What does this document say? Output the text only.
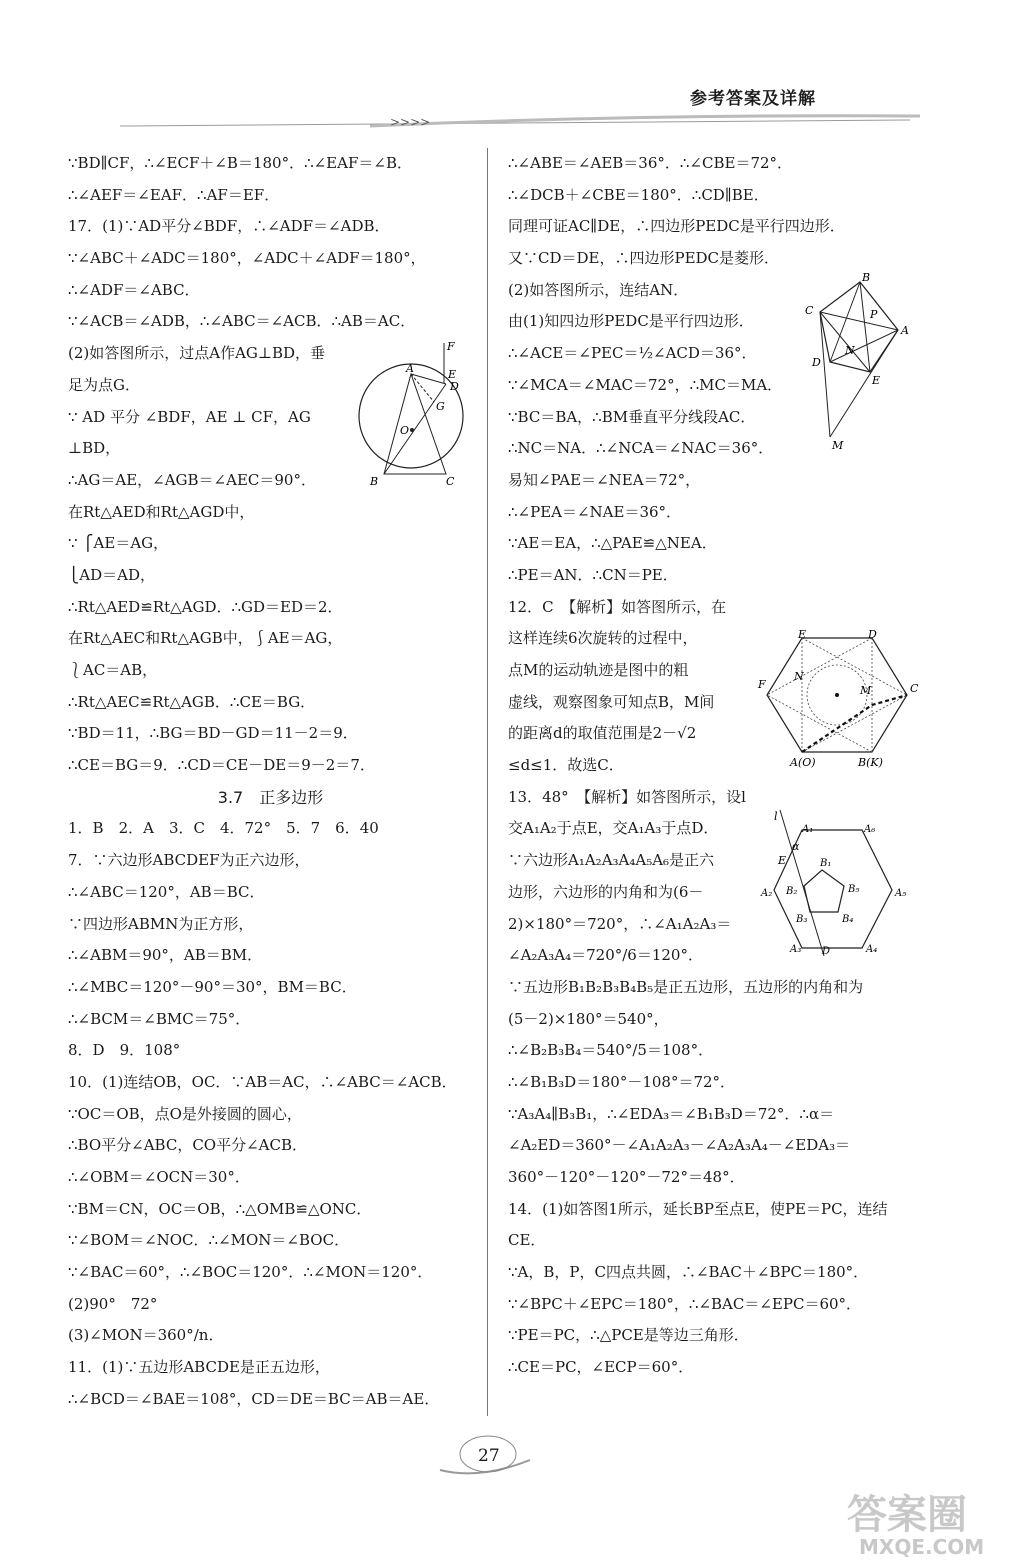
参考答案及详解
>>>>
∵BD∥CF，∴∠ECF＋∠B＝180°．∴∠EAF＝∠B．
∴∠AEF＝∠EAF．∴AF＝EF．
17．(1)∵AD平分∠BDF，∴∠ADF＝∠ADB．
∵∠ABC＋∠ADC＝180°，∠ADC＋∠ADF＝180°，
∴∠ADF＝∠ABC．
∵∠ACB＝∠ADB，∴∠ABC＝∠ACB．∴AB＝AC．
(2)如答图所示，过点A作AG⊥BD，垂
足为点G．
∵ AD 平分 ∠BDF，AE ⊥ CF，AG
⊥BD，
∴AG＝AE，∠AGB＝∠AEC＝90°．
在Rt△AED和Rt△AGD中，
∵ ⎧AE＝AG，
⎩AD＝AD，
∴Rt△AED≌Rt△AGD．∴GD＝ED＝2．
在Rt△AEC和Rt△AGB中，⎰AE＝AG，
⎱AC＝AB，
∴Rt△AEC≌Rt△AGB．∴CE＝BG．
∵BD＝11，∴BG＝BD－GD＝11－2＝9．
∴CE＝BG＝9．∴CD＝CE－DE＝9－2＝7．
3.7　正多边形
1．B　2．A　3．C　4．72°　5．7　6．40
7．∵六边形ABCDEF为正六边形，
∴∠ABC＝120°，AB＝BC．
∵四边形ABMN为正方形，
∴∠ABM＝90°，AB＝BM．
∴∠MBC＝120°－90°＝30°，BM＝BC．
∴∠BCM＝∠BMC＝75°．
8．D　9．108°
10．(1)连结OB，OC．∵AB＝AC，∴∠ABC＝∠ACB．
∵OC＝OB，点O是外接圆的圆心，
∴BO平分∠ABC，CO平分∠ACB．
∴∠OBM＝∠OCN＝30°．
∵BM＝CN，OC＝OB，∴△OMB≌△ONC．
∵∠BOM＝∠NOC．∴∠MON＝∠BOC．
∵∠BAC＝60°，∴∠BOC＝120°．∴∠MON＝120°．
(2)90°　72°
(3)∠MON＝360°/n．
11．(1)∵五边形ABCDE是正五边形，
∴∠BCD＝∠BAE＝108°，CD＝DE＝BC＝AB＝AE．
∴∠ABE＝∠AEB＝36°．∴∠CBE＝72°．
∴∠DCB＋∠CBE＝180°．∴CD∥BE．
同理可证AC∥DE，∴四边形PEDC是平行四边形．
又∵CD＝DE，∴四边形PEDC是菱形．
(2)如答图所示，连结AN．
由(1)知四边形PEDC是平行四边形．
∴∠ACE＝∠PEC＝½∠ACD＝36°．
∵∠MCA＝∠MAC＝72°，∴MC＝MA．
∵BC＝BA，∴BM垂直平分线段AC．
∴NC＝NA．∴∠NCA＝∠NAC＝36°．
易知∠PAE＝∠NEA＝72°，
∴∠PEA＝∠NAE＝36°．
∵AE＝EA，∴△PAE≌△NEA．
∴PE＝AN．∴CN＝PE．
12．C　【解析】如答图所示，在
这样连续6次旋转的过程中，
点M的运动轨迹是图中的粗
虚线，观察图象可知点B，M间
的距离d的取值范围是2－√2
≤d≤1．故选C．
13．48°　【解析】如答图所示，设l
交A₁A₂于点E，交A₁A₃于点D．
∵六边形A₁A₂A₃A₄A₅A₆是正六
边形，六边形的内角和为(6－
2)×180°＝720°，∴∠A₁A₂A₃＝
∠A₂A₃A₄＝720°/6＝120°．
∵五边形B₁B₂B₃B₄B₅是正五边形，五边形的内角和为
(5－2)×180°＝540°，
∴∠B₂B₃B₄＝540°/5＝108°．
∴∠B₁B₃D＝180°－108°＝72°．
∵A₃A₄∥B₃B₁，∴∠EDA₃＝∠B₁B₃D＝72°．∴α＝
∠A₂ED＝360°－∠A₁A₂A₃－∠A₂A₃A₄－∠EDA₃＝
360°－120°－120°－72°＝48°．
14．(1)如答图1所示，延长BP至点E，使PE＝PC，连结
CE．
∵A，B，P，C四点共圆，∴∠BAC＋∠BPC＝180°．
∵∠BPC＋∠EPC＝180°，∴∠BAC＝∠EPC＝60°．
∵PE＝PC，∴△PCE是等边三角形．
∴CE＝PC，∠ECP＝60°．
F
A	E
D
G
O
B	C
B
C	P
A
N
D
E
M
E	D
F
N
M	C
A(O)	B(K)
l
A₁	A₆
α
E	B₁
A₂ B₂	B₅	A₅
B₃	B₄
A₃ D	A₄
27
答案圈
MXQE.COM
